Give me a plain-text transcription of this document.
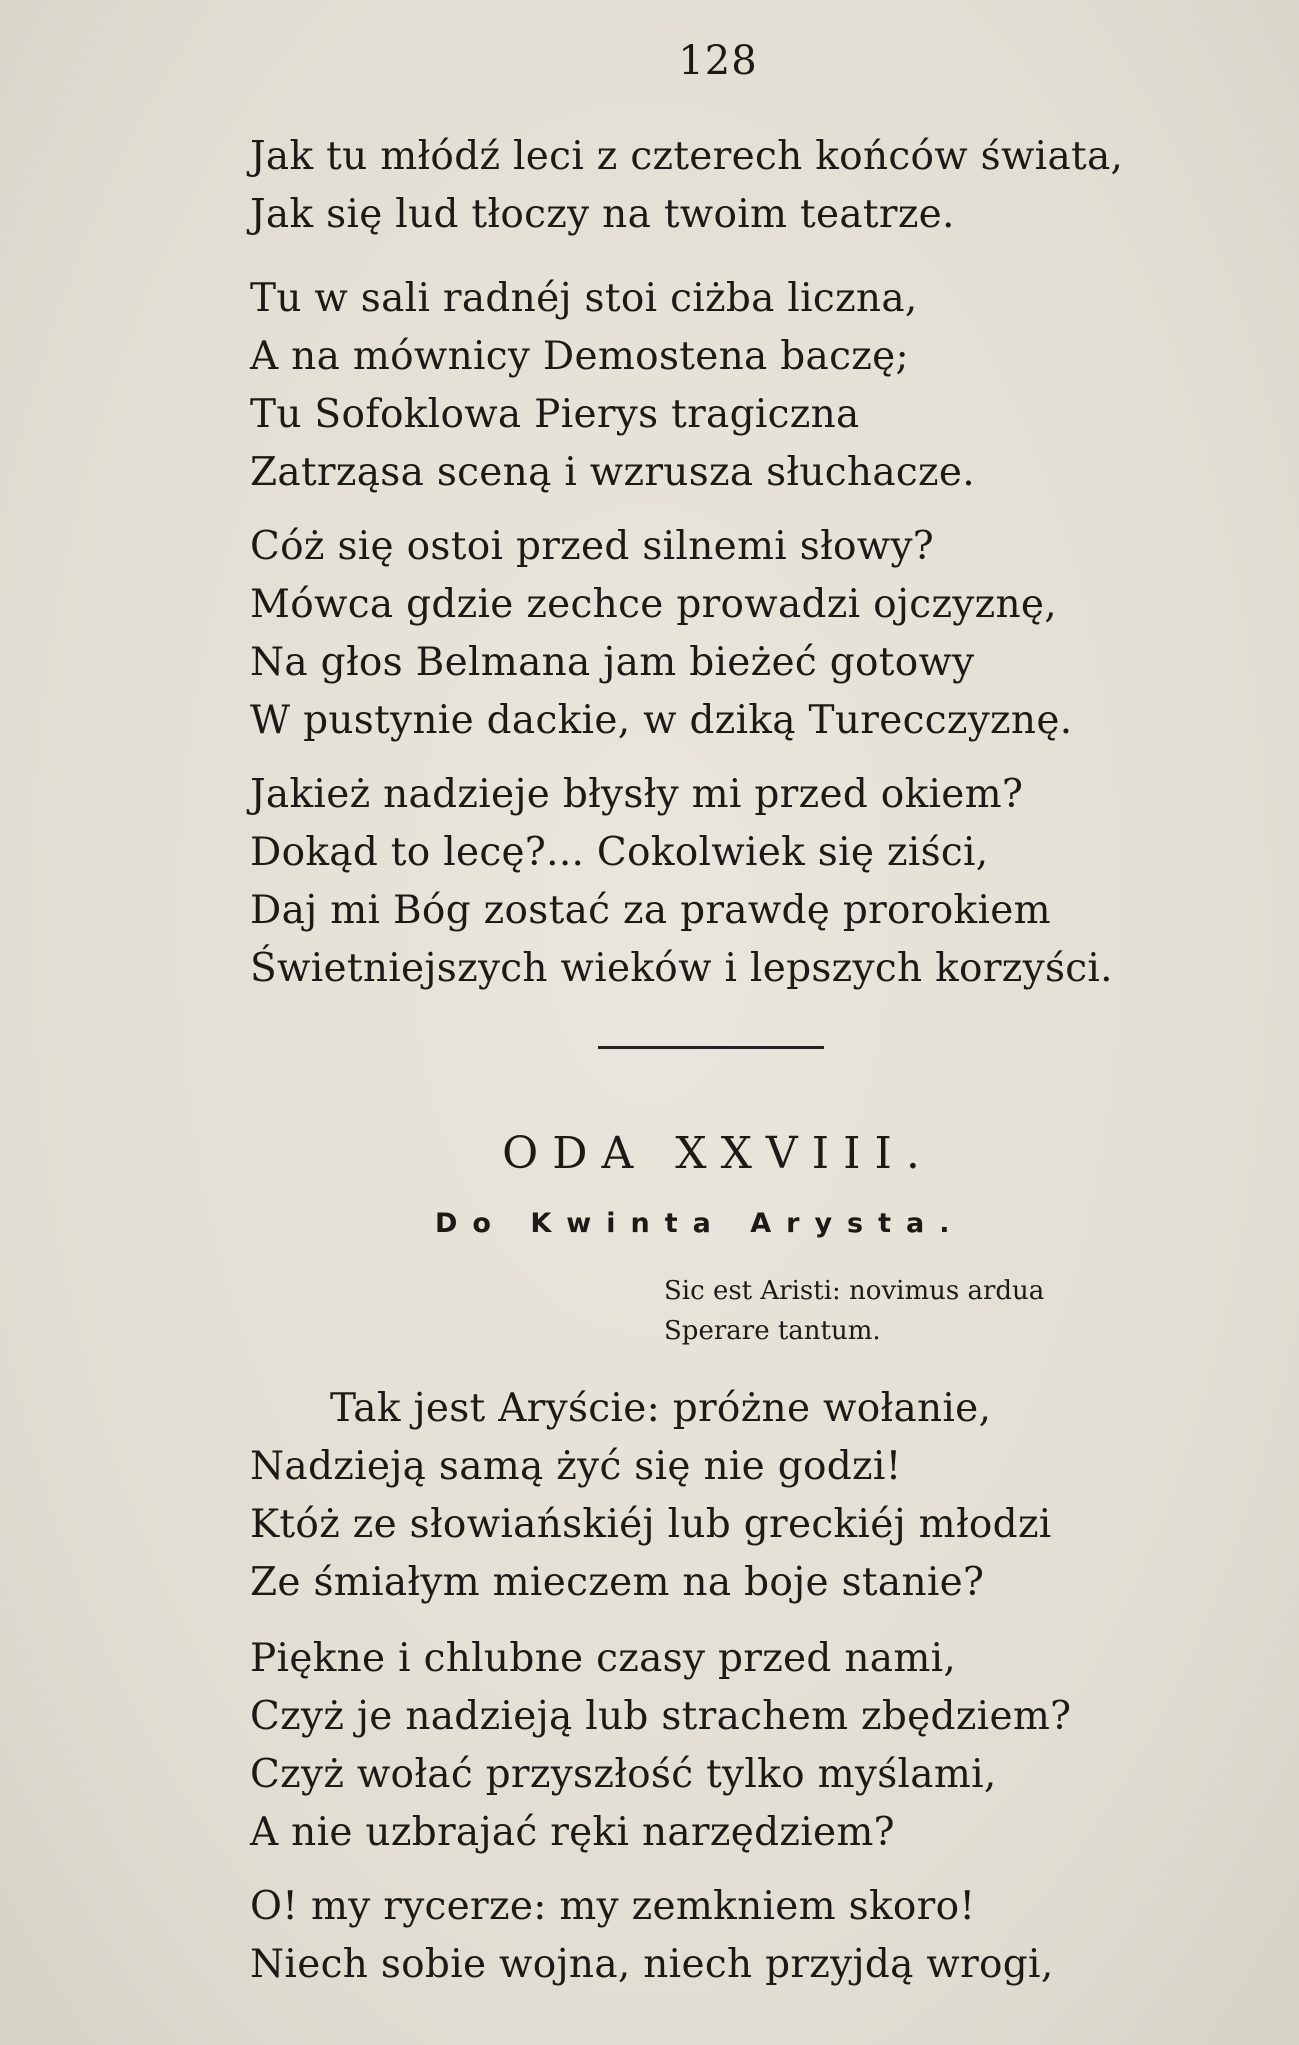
128
Jak tu młódź leci z czterech końców świata,
Jak się lud tłoczy na twoim teatrze.
Tu w sali radnéj stoi ciżba liczna,
A na mównicy Demostena baczę;
Tu Sofoklowa Pierys tragiczna
Zatrząsa sceną i wzrusza słuchacze.
Cóż się ostoi przed silnemi słowy?
Mówca gdzie zechce prowadzi ojczyznę,
Na głos Belmana jam bieżeć gotowy
W pustynie dackie, w dziką Turecczyznę.
Jakież nadzieje błysły mi przed okiem?
Dokąd to lecę?... Cokolwiek się ziści,
Daj mi Bóg zostać za prawdę prorokiem
Świetniejszych wieków i lepszych korzyści.
ODA XXVIII.
Do Kwinta Arysta.
Sic est Aristi: novimus ardua
Sperare tantum.
Tak jest Aryście: próżne wołanie,
Nadzieją samą żyć się nie godzi!
Któż ze słowiańskiéj lub greckiéj młodzi
Ze śmiałym mieczem na boje stanie?
Piękne i chlubne czasy przed nami,
Czyż je nadzieją lub strachem zbędziem?
Czyż wołać przyszłość tylko myślami,
A nie uzbrajać ręki narzędziem?
O! my rycerze: my zemkniem skoro!
Niech sobie wojna, niech przyjdą wrogi,
